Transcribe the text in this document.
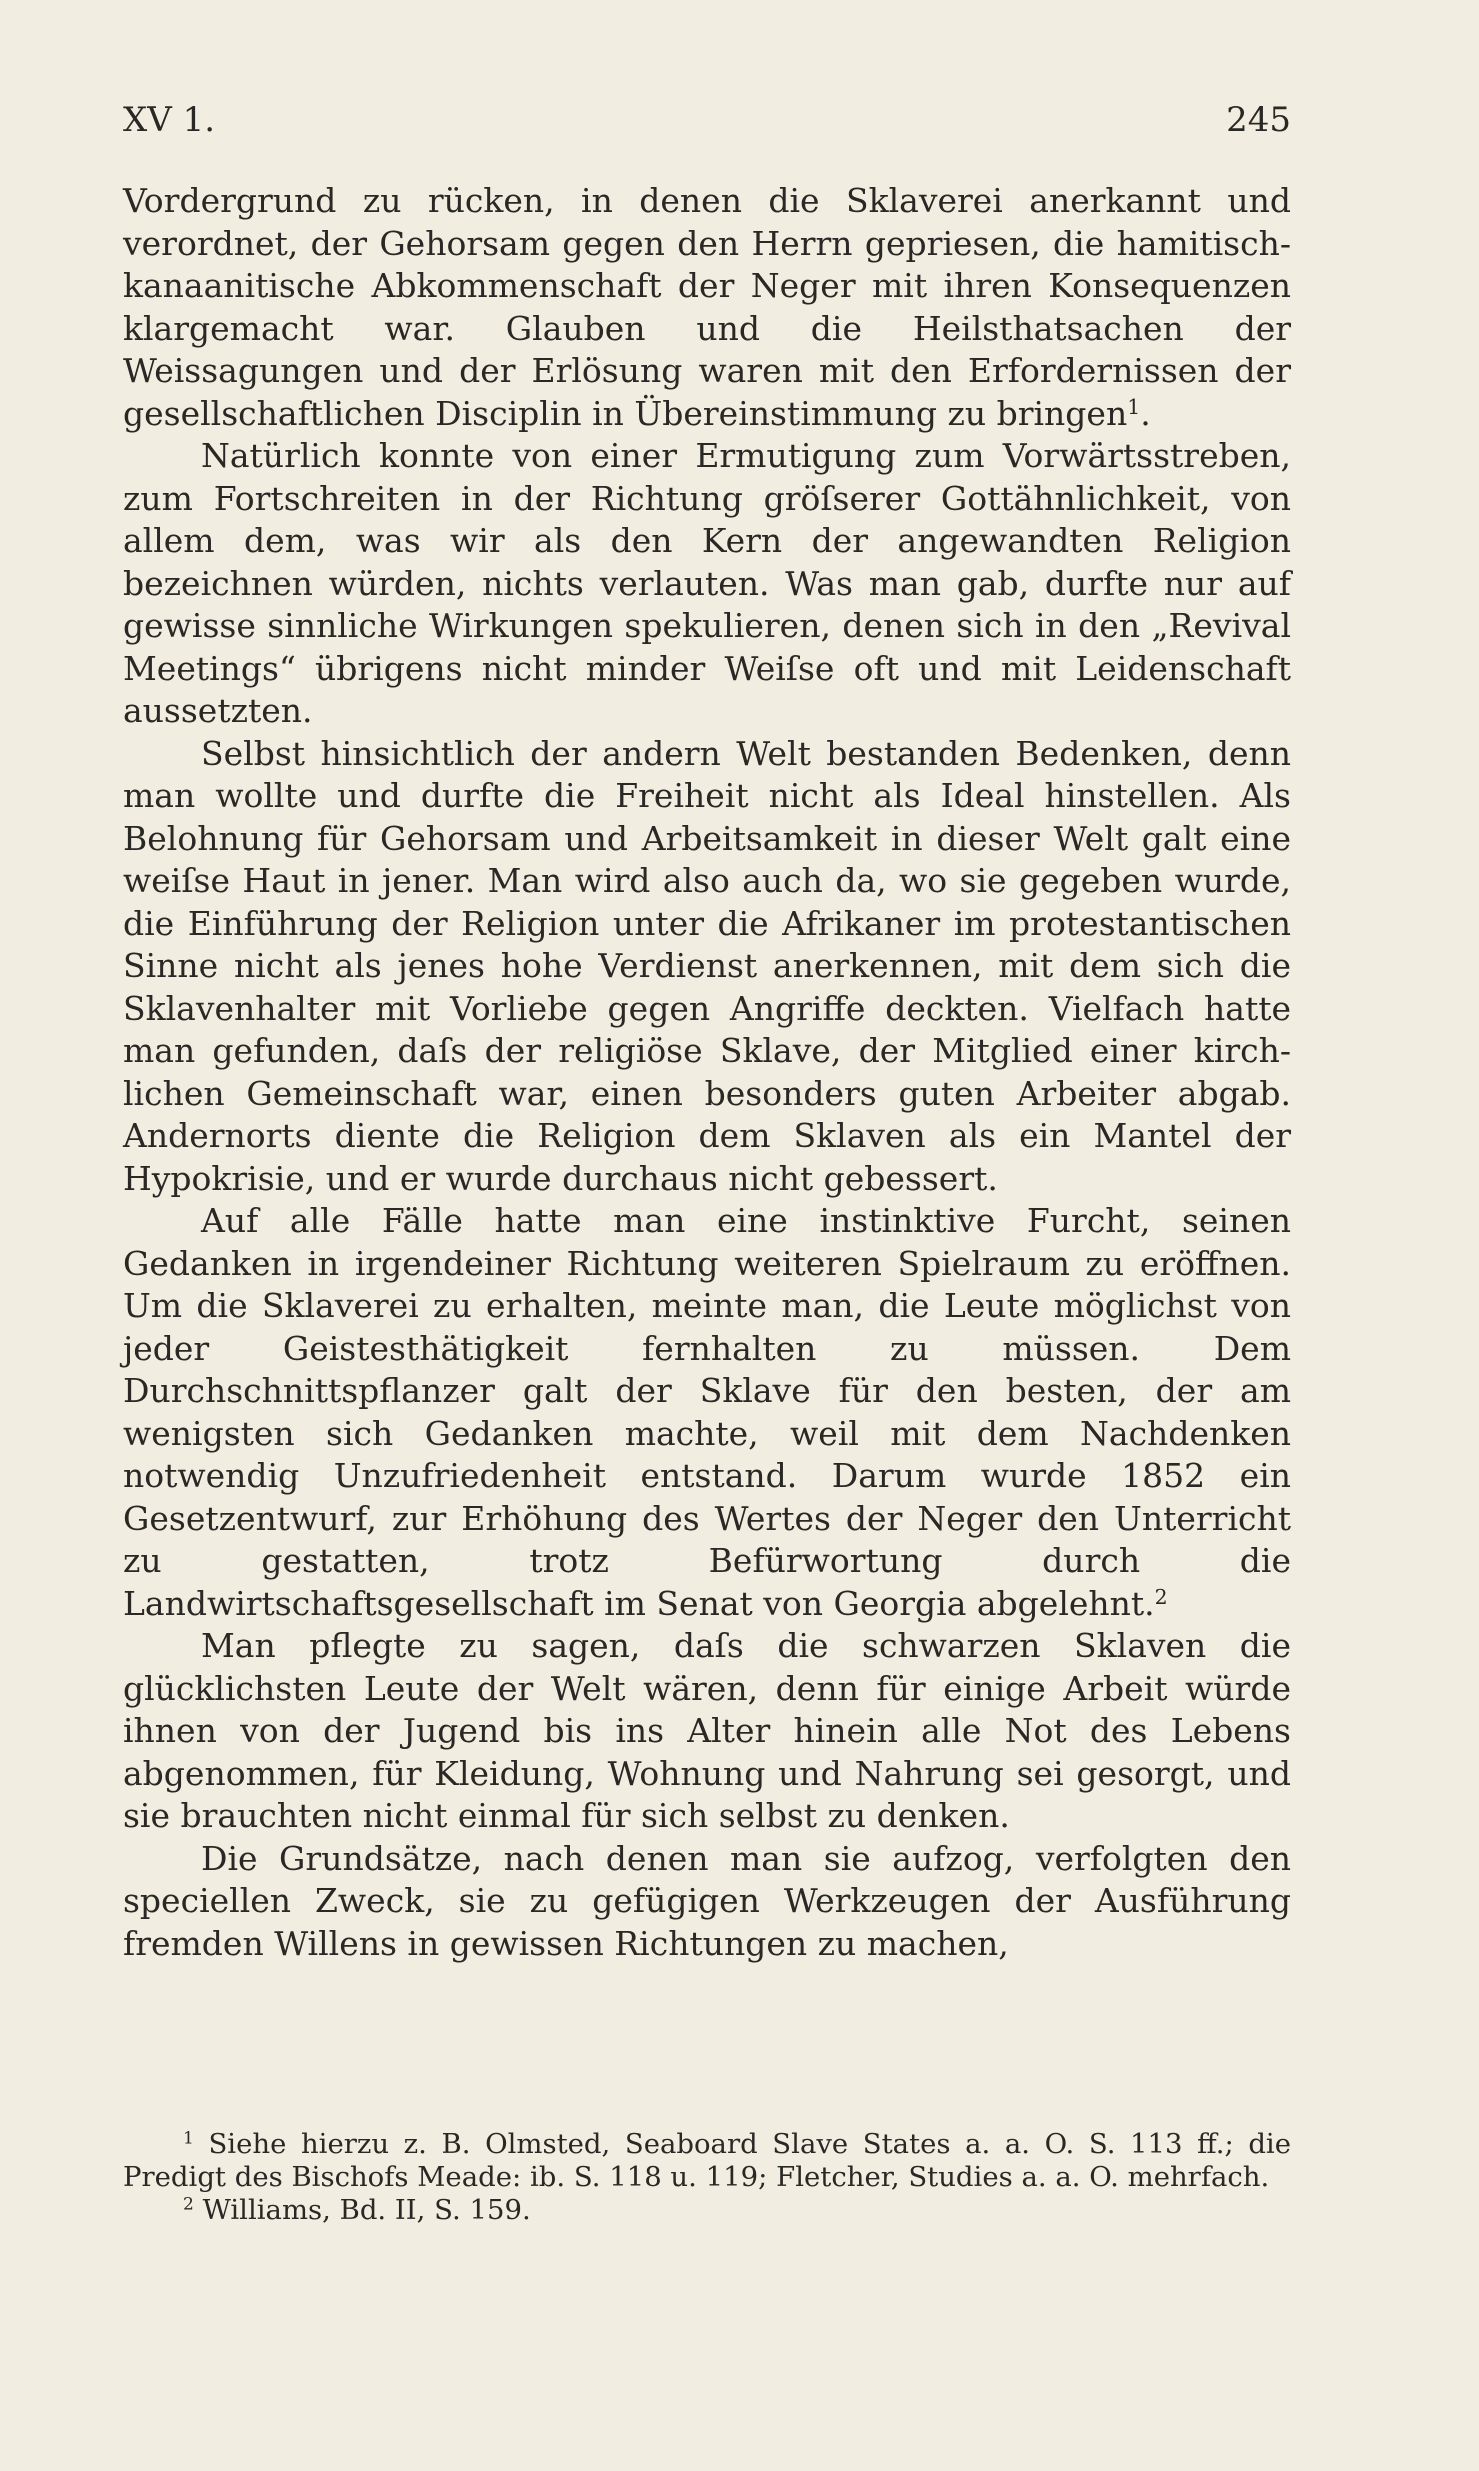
XV 1.	245

Vordergrund zu rücken, in denen die Sklaverei anerkannt und verordnet, der Gehorsam gegen den Herrn gepriesen, die hamitisch-kanaanitische Abkommenschaft der Neger mit ihren Konsequenzen klargemacht war. Glauben und die Heilsthatsachen der Weissagungen und der Erlösung waren mit den Erfordernissen der gesellschaftlichen Disciplin in Übereinstimmung zu bringen$^1$.

Natürlich konnte von einer Ermutigung zum Vorwärtsstreben, zum Fortschreiten in der Richtung gröſserer Gottähnlichkeit, von allem dem, was wir als den Kern der angewandten Religion bezeichnen würden, nichts verlauten. Was man gab, durfte nur auf gewisse sinnliche Wirkungen spekulieren, denen sich in den „Revival Meetings“ übrigens nicht minder Weiſse oft und mit Leidenschaft aussetzten.

Selbst hinsichtlich der andern Welt bestanden Bedenken, denn man wollte und durfte die Freiheit nicht als Ideal hinstellen. Als Belohnung für Gehorsam und Arbeitsamkeit in dieser Welt galt eine weiſse Haut in jener. Man wird also auch da, wo sie gegeben wurde, die Einführung der Religion unter die Afrikaner im protestantischen Sinne nicht als jenes hohe Verdienst anerkennen, mit dem sich die Sklavenhalter mit Vorliebe gegen Angriffe deckten. Vielfach hatte man gefunden, daſs der religiöse Sklave, der Mitglied einer kirchlichen Gemeinschaft war, einen besonders guten Arbeiter abgab. Andernorts diente die Religion dem Sklaven als ein Mantel der Hypokrisie, und er wurde durchaus nicht gebessert.

Auf alle Fälle hatte man eine instinktive Furcht, seinen Gedanken in irgendeiner Richtung weiteren Spielraum zu eröffnen. Um die Sklaverei zu erhalten, meinte man, die Leute möglichst von jeder Geistesthätigkeit fernhalten zu müssen. Dem Durchschnittspflanzer galt der Sklave für den besten, der am wenigsten sich Gedanken machte, weil mit dem Nachdenken notwendig Unzufriedenheit entstand. Darum wurde 1852 ein Gesetzentwurf, zur Erhöhung des Wertes der Neger den Unterricht zu gestatten, trotz Befürwortung durch die Landwirtschaftsgesellschaft im Senat von Georgia abgelehnt.$^2$

Man pflegte zu sagen, daſs die schwarzen Sklaven die glücklichsten Leute der Welt wären, denn für einige Arbeit würde ihnen von der Jugend bis ins Alter hinein alle Not des Lebens abgenommen, für Kleidung, Wohnung und Nahrung sei gesorgt, und sie brauchten nicht einmal für sich selbst zu denken.

Die Grundsätze, nach denen man sie aufzog, verfolgten den speciellen Zweck, sie zu gefügigen Werkzeugen der Ausführung fremden Willens in gewissen Richtungen zu machen,

$^1$ Siehe hierzu z. B. Olmsted, Seaboard Slave States a. a. O. S. 113 ff.; die Predigt des Bischofs Meade: ib. S. 118 u. 119; Fletcher, Studies a. a. O. mehrfach.

$^2$ Williams, Bd. II, S. 159.
